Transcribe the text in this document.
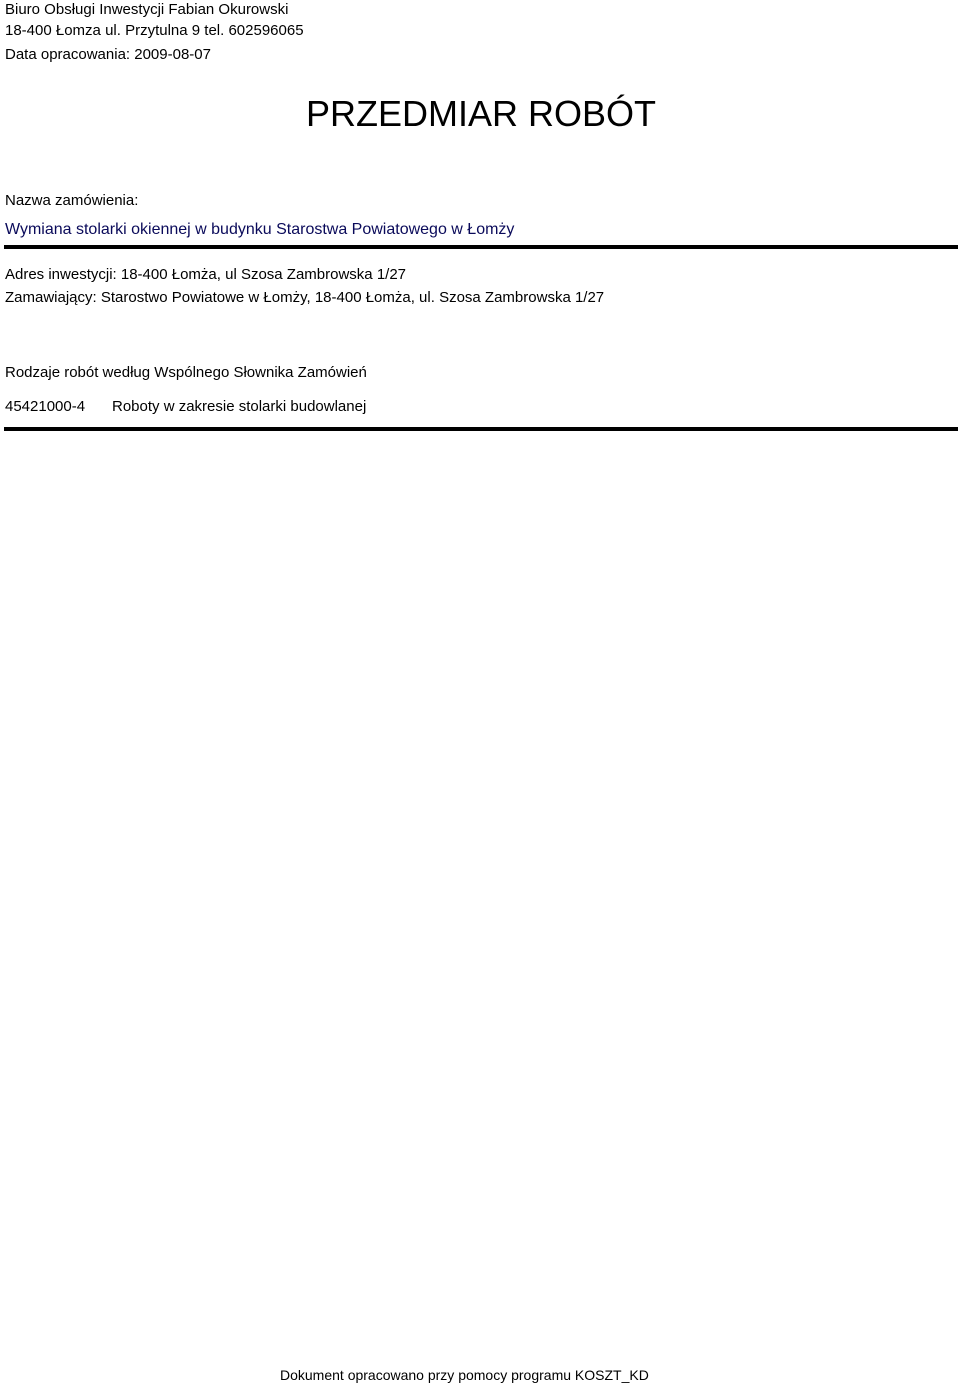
Biuro Obsługi Inwestycji Fabian Okurowski
18-400 Łomza ul. Przytulna 9 tel. 602596065
Data opracowania: 2009-08-07
PRZEDMIAR ROBÓT
Nazwa zamówienia:
Wymiana stolarki okiennej w budynku Starostwa Powiatowego w Łomży
Adres inwestycji: 18-400 Łomża, ul Szosa Zambrowska 1/27
Zamawiający: Starostwo Powiatowe w Łomży, 18-400 Łomża, ul. Szosa Zambrowska 1/27
Rodzaje robót według Wspólnego Słownika Zamówień
45421000-4 Roboty w zakresie stolarki budowlanej
Dokument opracowano przy pomocy programu KOSZT_KD
